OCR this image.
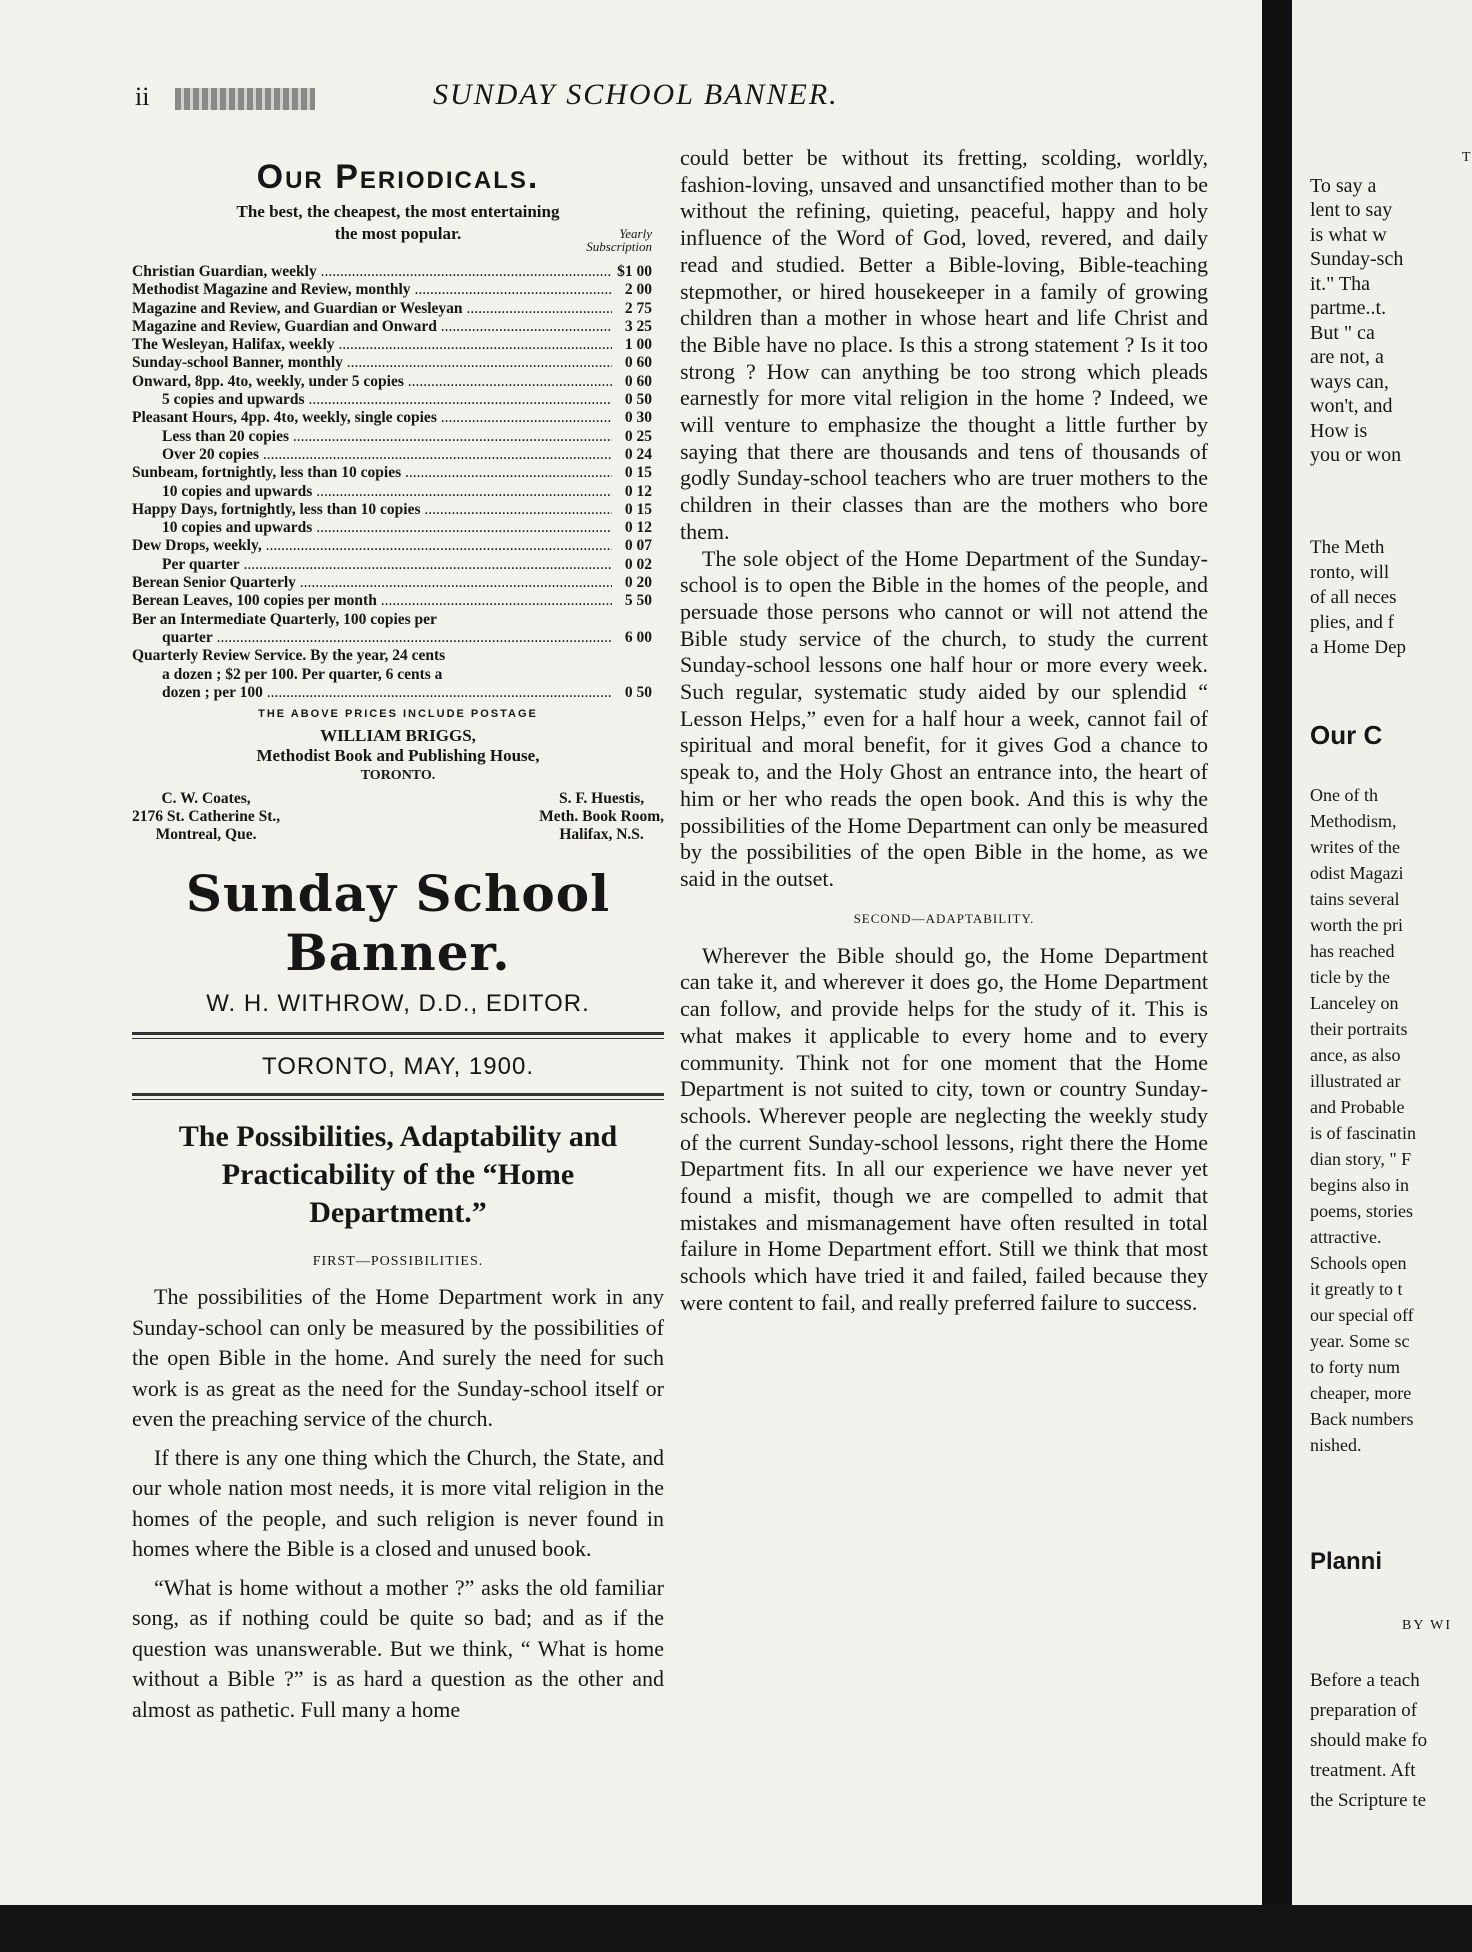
ii	SUNDAY SCHOOL BANNER.
Our Periodicals.
The best, the cheapest, the most entertaining
the most popular.	Yearly
Subscription
Christian Guardian, weekly .....	$1 00
Methodist Magazine and Review, monthly .....	2 00
Magazine and Review, and Guardian or Wesleyan .....	2 75
Magazine and Review, Guardian and Onward .....	3 25
The Wesleyan, Halifax, weekly .....	1 00
Sunday-school Banner, monthly .....	0 60
Onward, 8pp. 4to, weekly, under 5 copies .....	0 60
5 copies and upwards .....	0 50
Pleasant Hours, 4pp. 4to, weekly, single copies .....	0 30
Less than 20 copies .....	0 25
Over 20 copies .....	0 24
Sunbeam, fortnightly, less than 10 copies .....	0 15
10 copies and upwards .....	0 12
Happy Days, fortnightly, less than 10 copies .....	0 15
10 copies and upwards .....	0 12
Dew Drops, weekly, .....	0 07
Per quarter .....	0 02
Berean Senior Quarterly .....	0 20
Berean Leaves, 100 copies per month .....	5 50
Ber an Intermediate Quarterly, 100 copies per
quarter .....	6 00
Quarterly Review Service. By the year, 24 cents
a dozen ; $2 per 100. Per quarter, 6 cents a
dozen ; per 100 .....	0 50
THE ABOVE PRICES INCLUDE POSTAGE
WILLIAM BRIGGS,
Methodist Book and Publishing House,
TORONTO.
C. W. Coates,
2176 St. Catherine St.,
Montreal, Que.
S. F. Huestis,
Meth. Book Room,
Halifax, N.S.
Sunday School Banner.
W. H. WITHROW, D.D., EDITOR.
TORONTO, MAY, 1900.
The Possibilities, Adaptability and
Practicability of the “Home
Department.”
FIRST—POSSIBILITIES.

The possibilities of the Home Department work in any Sunday-school can only be measured by the possibilities of the open Bible in the home. And surely the need for such work is as great as the need for the Sunday-school itself or even the preaching service of the church.

If there is any one thing which the Church, the State, and our whole nation most needs, it is more vital religion in the homes of the people, and such religion is never found in homes where the Bible is a closed and unused book.

“What is home without a mother ?” asks the old familiar song, as if nothing could be quite so bad; and as if the question was unanswerable. But we think, “ What is home without a Bible ?” is as hard a question as the other and almost as pathetic. Full many a home

could better be without its fretting, scolding, worldly, fashion-loving, unsaved and unsanctified mother than to be without the refining, quieting, peaceful, happy and holy influence of the Word of God, loved, revered, and daily read and studied. Better a Bible-loving, Bible-teaching stepmother, or hired housekeeper in a family of growing children than a mother in whose heart and life Christ and the Bible have no place. Is this a strong statement ? Is it too strong ? How can anything be too strong which pleads earnestly for more vital religion in the home ? Indeed, we will venture to emphasize the thought a little further by saying that there are thousands and tens of thousands of godly Sunday-school teachers who are truer mothers to the children in their classes than are the mothers who bore them.

The sole object of the Home Department of the Sunday-school is to open the Bible in the homes of the people, and persuade those persons who cannot or will not attend the Bible study service of the church, to study the current Sunday-school lessons one half hour or more every week. Such regular, systematic study aided by our splendid “ Lesson Helps,” even for a half hour a week, cannot fail of spiritual and moral benefit, for it gives God a chance to speak to, and the Holy Ghost an entrance into, the heart of him or her who reads the open book. And this is why the possibilities of the Home Department can only be measured by the possibilities of the open Bible in the home, as we said in the outset.

SECOND—ADAPTABILITY.

Wherever the Bible should go, the Home Department can take it, and wherever it does go, the Home Department can follow, and provide helps for the study of it. This is what makes it applicable to every home and to every community. Think not for one moment that the Home Department is not suited to city, town or country Sunday-schools. Wherever people are neglecting the weekly study of the current Sunday-school lessons, right there the Home Department fits. In all our experience we have never yet found a misfit, though we are compelled to admit that mistakes and mismanagement have often resulted in total failure in Home Department effort. Still we think that most schools which have tried it and failed, failed because they were content to fail, and really preferred failure to success.

T
To say a
lent to say
is what w
Sunday-sch
it." Tha
partme..t.
But " ca
are not, a
ways can,
won't, and
How is
you or won
Our C
The Meth
ronto, will
of all neces
plies, and f
a Home Dep
One of th
Methodism,
writes of the
odist Magazi
tains several
worth the pri
has reached
ticle by the
Lanceley on
their portraits
ance, as also
illustrated ar
and Probable
is of fascinatin
dian story, " F
begins also in
poems, stories
attractive.
Schools open
it greatly to t
our special off
year. Some sc
to forty num
cheaper, more
Back numbers
nished.
Planni
BY WI
Before a teach
preparation of
should make fo
treatment. Aft
the Scripture te
